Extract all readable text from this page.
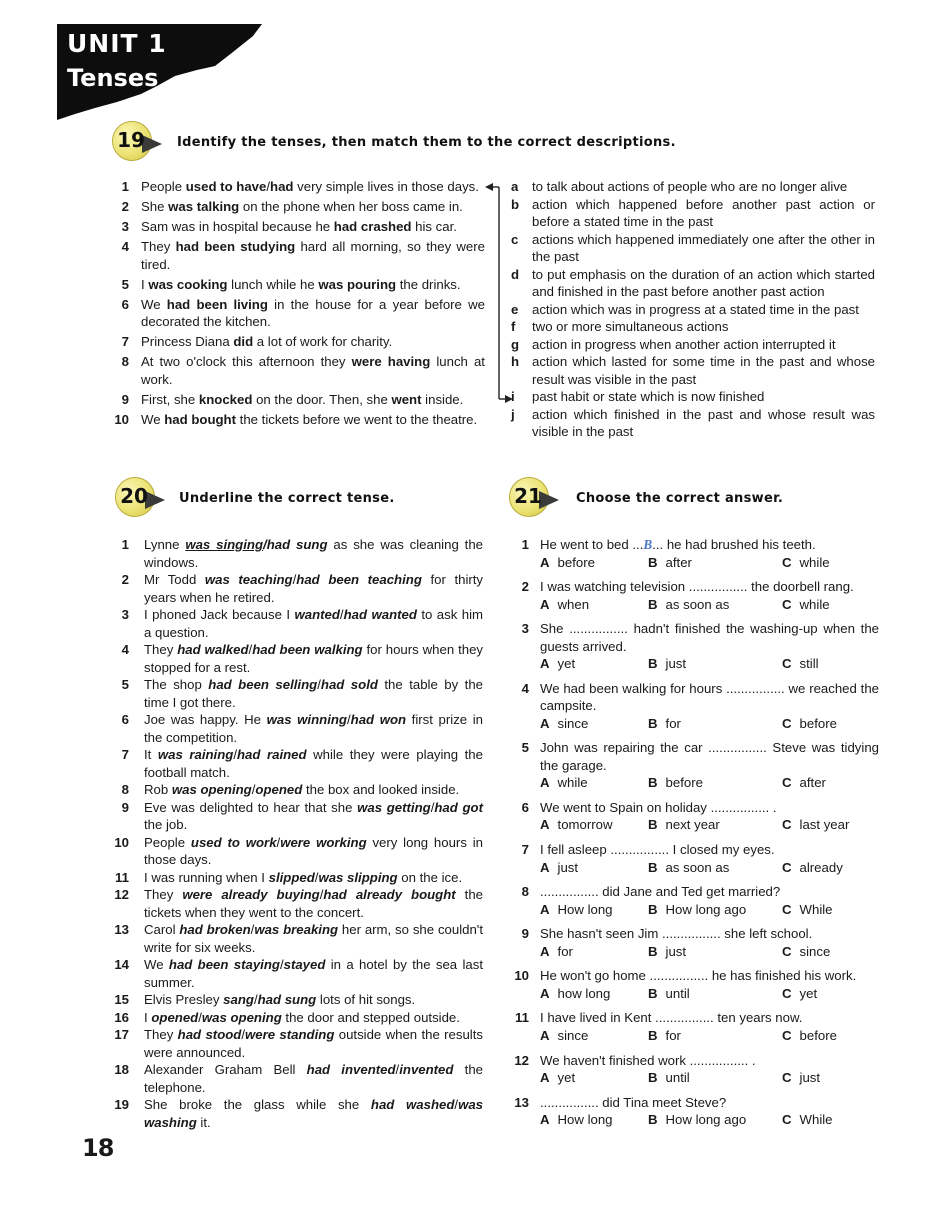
UNIT 1
Tenses
19	Identify the tenses, then match them to the correct descriptions.
1 People used to have/had very simple lives in those days.
2 She was talking on the phone when her boss came in.
3 Sam was in hospital because he had crashed his car.
4 They had been studying hard all morning, so they were tired.
5 I was cooking lunch while he was pouring the drinks.
6 We had been living in the house for a year before we decorated the kitchen.
7 Princess Diana did a lot of work for charity.
8 At two o'clock this afternoon they were having lunch at work.
9 First, she knocked on the door. Then, she went inside.
10 We had bought the tickets before we went to the theatre.
a to talk about actions of people who are no longer alive
b action which happened before another past action or before a stated time in the past
c actions which happened immediately one after the other in the past
d to put emphasis on the duration of an action which started and finished in the past before another past action
e action which was in progress at a stated time in the past
f two or more simultaneous actions
g action in progress when another action interrupted it
h action which lasted for some time in the past and whose result was visible in the past
i past habit or state which is now finished
j action which finished in the past and whose result was visible in the past
20	Underline the correct tense.
1 Lynne was singing/had sung as she was cleaning the windows.
2 Mr Todd was teaching/had been teaching for thirty years when he retired.
3 I phoned Jack because I wanted/had wanted to ask him a question.
4 They had walked/had been walking for hours when they stopped for a rest.
5 The shop had been selling/had sold the table by the time I got there.
6 Joe was happy. He was winning/had won first prize in the competition.
7 It was raining/had rained while they were playing the football match.
8 Rob was opening/opened the box and looked inside.
9 Eve was delighted to hear that she was getting/had got the job.
10 People used to work/were working very long hours in those days.
11 I was running when I slipped/was slipping on the ice.
12 They were already buying/had already bought the tickets when they went to the concert.
13 Carol had broken/was breaking her arm, so she couldn't write for six weeks.
14 We had been staying/stayed in a hotel by the sea last summer.
15 Elvis Presley sang/had sung lots of hit songs.
16 I opened/was opening the door and stepped outside.
17 They had stood/were standing outside when the results were announced.
18 Alexander Graham Bell had invented/invented the telephone.
19 She broke the glass while she had washed/was washing it.
21	Choose the correct answer.
1 He went to bed ...B... he had brushed his teeth.
A before	B after	C while
2 I was watching television ................ the doorbell rang.
A when	B as soon as	C while
3 She ................ hadn't finished the washing-up when the guests arrived.
A yet	B just	C still
4 We had been walking for hours ................ we reached the campsite.
A since	B for	C before
5 John was repairing the car ................ Steve was tidying the garage.
A while	B before	C after
6 We went to Spain on holiday ................ .
A tomorrow	B next year	C last year
7 I fell asleep ................ I closed my eyes.
A just	B as soon as	C already
8 ................ did Jane and Ted get married?
A How long	B How long ago	C While
9 She hasn't seen Jim ................ she left school.
A for	B just	C since
10 He won't go home ................ he has finished his work.
A how long	B until	C yet
11 I have lived in Kent ................ ten years now.
A since	B for	C before
12 We haven't finished work ................ .
A yet	B until	C just
13 ................ did Tina meet Steve?
A How long	B How long ago	C While
18
